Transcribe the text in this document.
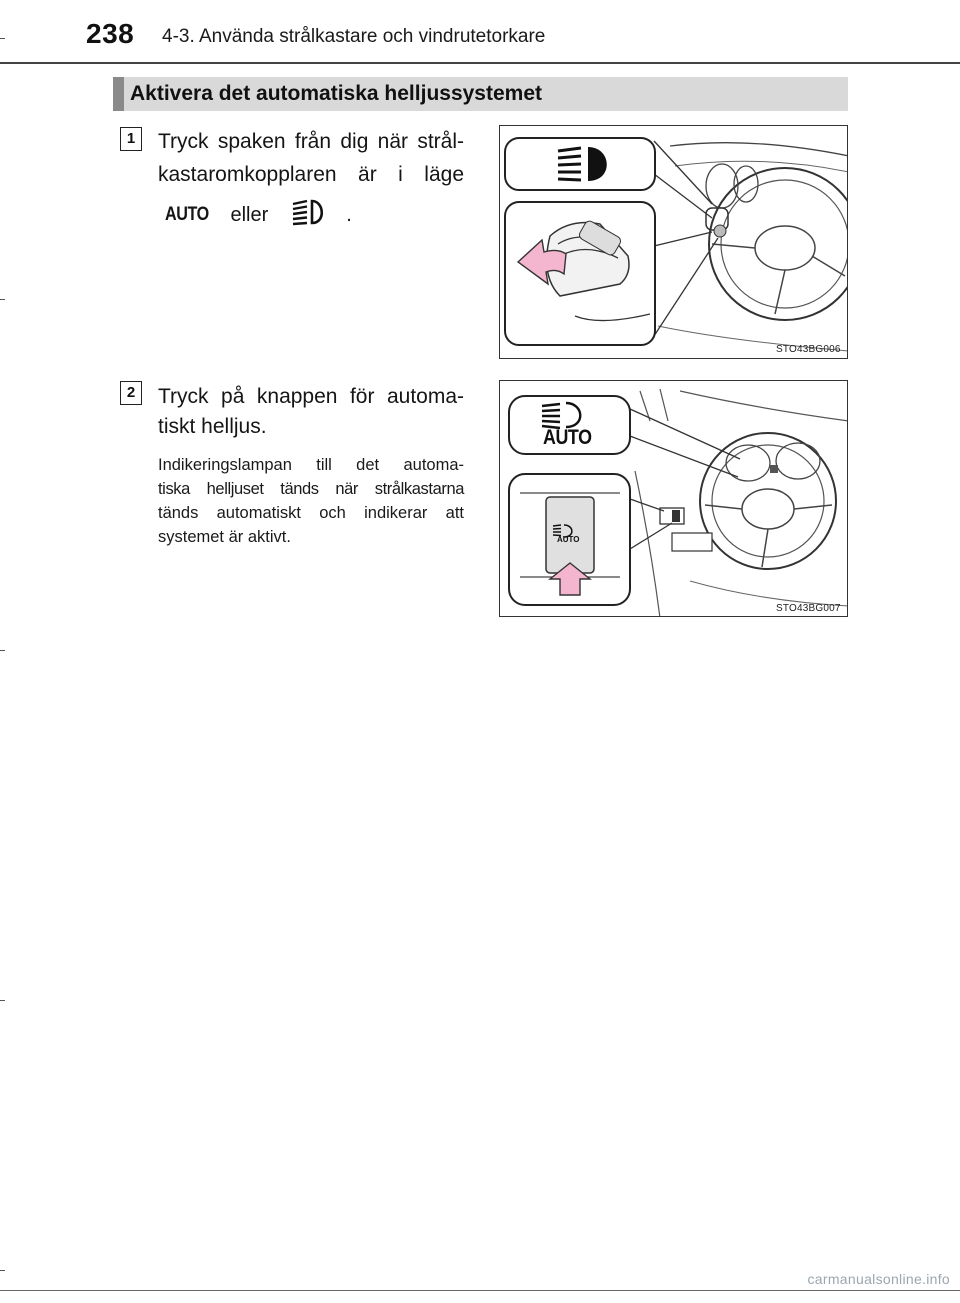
238 4-3. Använda strålkastare och vindrutetorkare
Aktivera det automatiska helljussystemet
1	Tryck spaken från dig när strål-
kastaromkopplaren är i läge
AUTO eller	.
STO43BG006
2	Tryck på knappen för automa-
tiskt helljus.

Indikeringslampan till det automa-

tiska helljuset tänds när strålkastarna

tänds automatiskt och indikerar att

systemet är aktivt.

AUTO
AUTO
STO43BG007
carmanualsonline.info
